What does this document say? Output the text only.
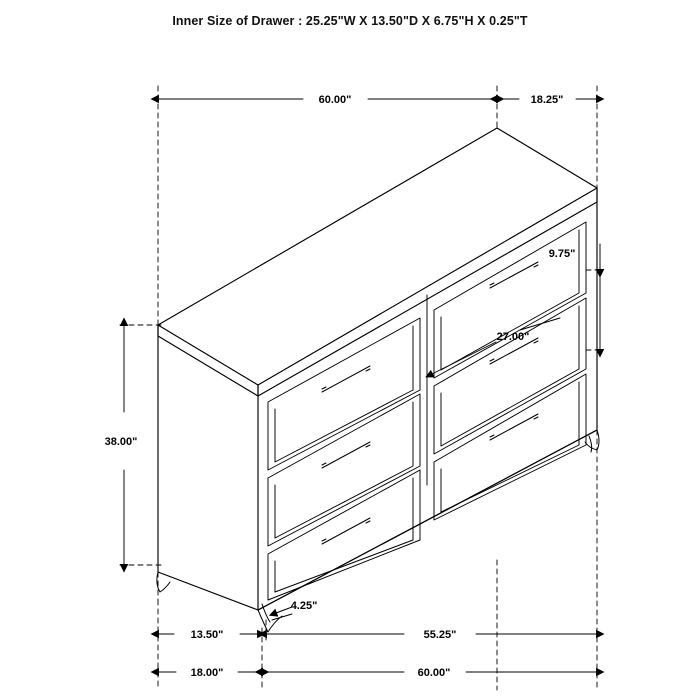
Inner Size of Drawer : 25.25"W X 13.50"D X 6.75"H X 0.25"T
60.00"	18.25"
9.75"
27.00"
38.00"
4.25"
55.25"
13.50"
18.00"	60.00"
